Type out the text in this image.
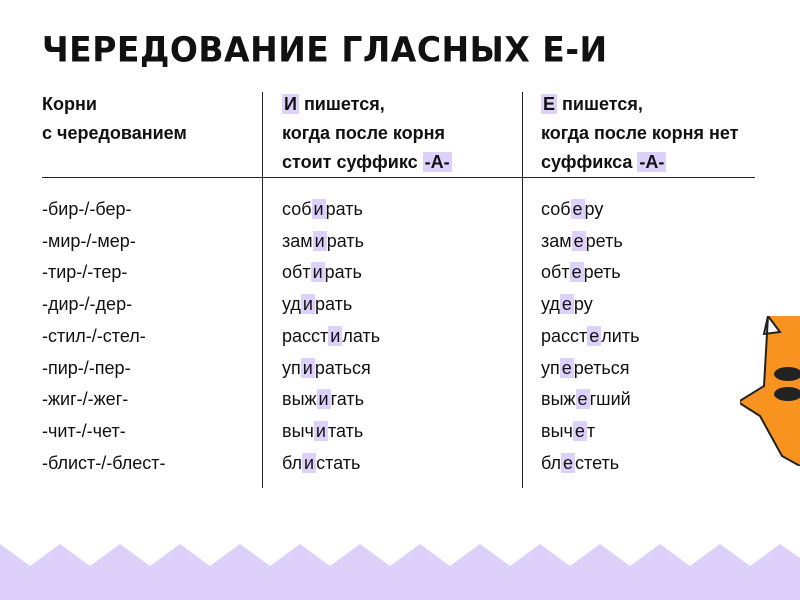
ЧЕРЕДОВАНИЕ ГЛАСНЫХ Е-И
Корни
с чередованием
И пишется,
когда после корня
стоит суффикс -А-
Е пишется,
когда после корня нет
суффикса -А-
-бир-/-бер-
-мир-/-мер-
-тир-/-тер-
-дир-/-дер-
-стил-/-стел-
-пир-/-пер-
-жиг-/-жег-
-чит-/-чет-
-блист-/-блест-
соб и рать
зам и рать
обт и рать
уд и рать
расст и лать
уп и раться
выж и гать
выч и тать
бл и стать
соб е ру
зам е реть
обт е реть
уд е ру
расст е лить
уп е реться
выж е гший
выч е т
бл е стеть
